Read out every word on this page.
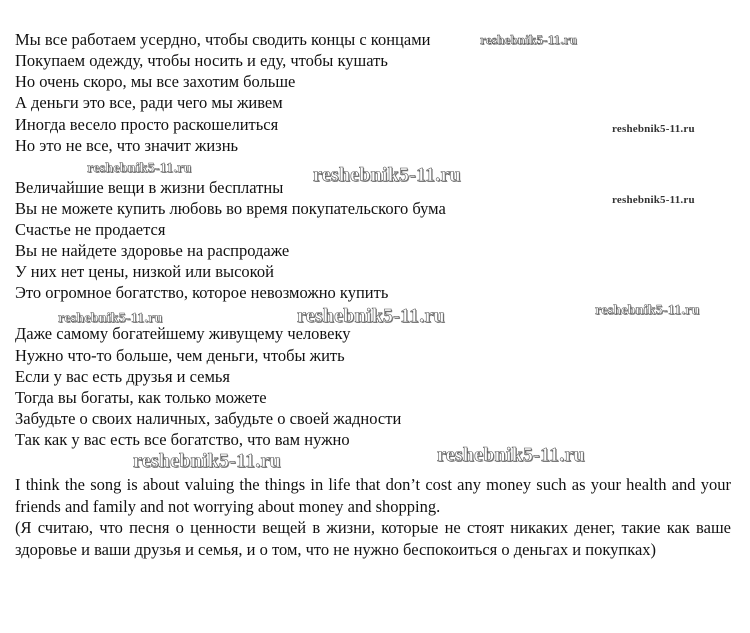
Мы все работаем усердно, чтобы сводить концы с концами
Покупаем одежду, чтобы носить и еду, чтобы кушать
Но очень скоро, мы все захотим больше
А деньги это все, ради чего мы живем
Иногда весело просто раскошелиться
Но это не все, что значит жизнь
Величайшие вещи в жизни бесплатны
Вы не можете купить любовь во время покупательского бума
Счастье не продается
Вы не найдете здоровье на распродаже
У них нет цены, низкой или высокой
Это огромное богатство, которое невозможно купить
Даже самому богатейшему живущему человеку
Нужно что-то больше, чем деньги, чтобы жить
Если у вас есть друзья и семья
Тогда вы богаты, как только можете
Забудьте о своих наличных, забудьте о своей жадности
Так как у вас есть все богатство, что вам нужно
I think the song is about valuing the things in life that don’t cost any money such as your health and your friends and family and not worrying about money and shopping.
(Я считаю, что песня о ценности вещей в жизни, которые не стоят никаких денег, такие как ваше здоровье и ваши друзья и семья, и о том, что не нужно беспокоиться о деньгах и покупках)
reshebnik5-11.ru
reshebnik5-11.ru
reshebnik5-11.ru	reshebnik5-11.ru
reshebnik5-11.ru
reshebnik5-11.ru
reshebnik5-11.ru	reshebnik5-11.ru
reshebnik5-11.ru
reshebnik5-11.ru
